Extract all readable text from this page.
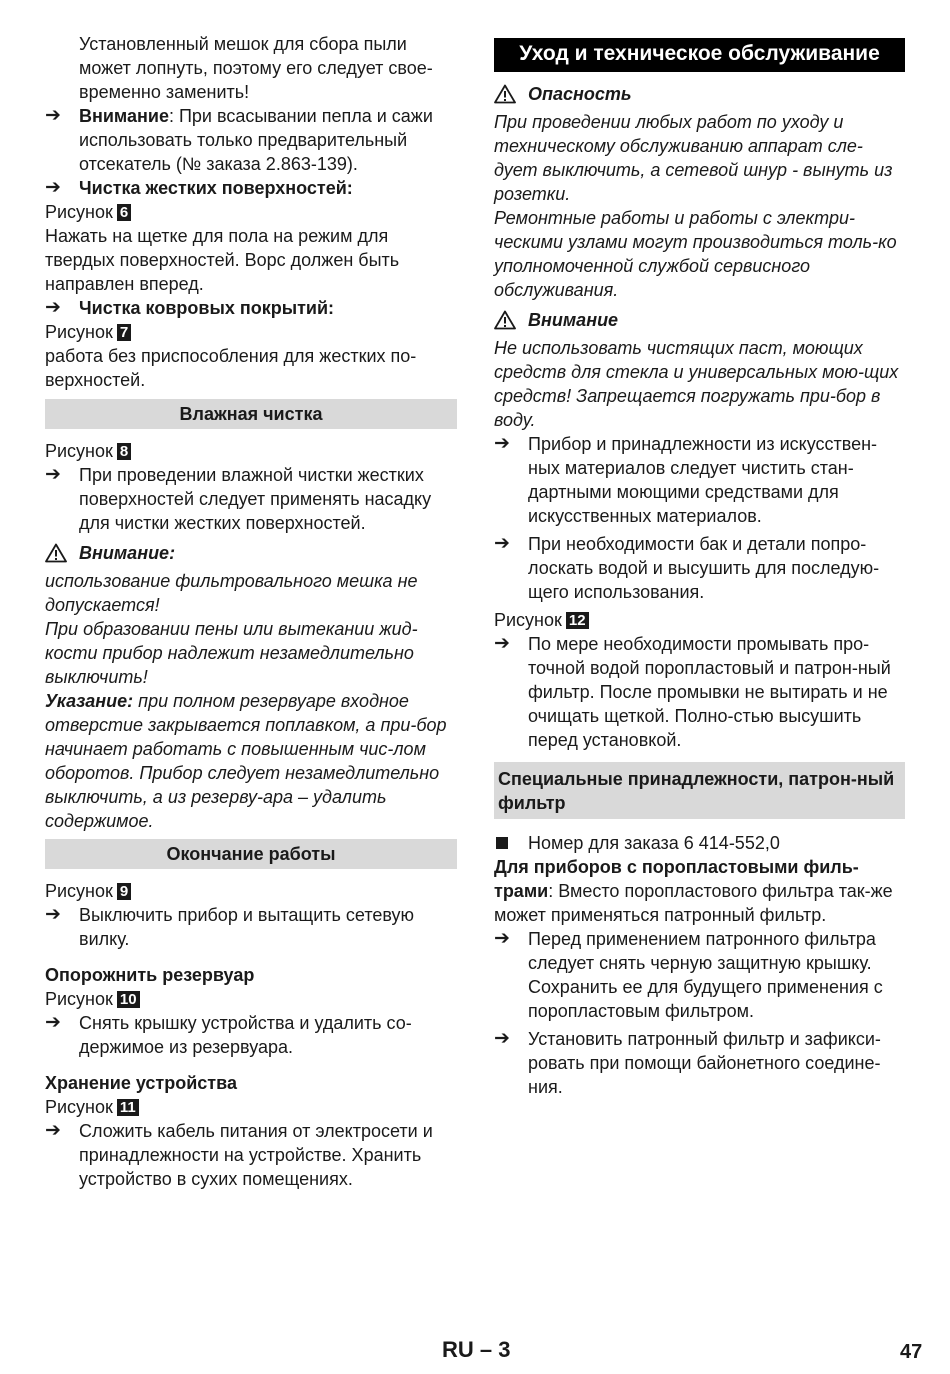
Установленный мешок для сбора пыли

может лопнуть, поэтому его следует свое-

временно заменить!

➔	Внимание: При всасывании пепла и сажи использовать только предварительный отсекатель (№ заказа 2.863-139).
➔	Чистка жестких поверхностей:

Рисунок 6

Нажать на щетке для пола на режим для твердых поверхностей. Ворс должен быть направлен вперед.

➔	Чистка ковровых покрытий:

Рисунок 7

работа без приспособления для жестких по-верхностей.

Влажная чистка

Рисунок 8

➔	При проведении влажной чистки жестких поверхностей следует применять насадку для чистки жестких поверхностей.
Внимание:

использование фильтровального мешка не допускается!

При образовании пены или вытекании жид-кости прибор надлежит незамедлительно выключить!

Указание: при полном резервуаре входное отверстие закрывается поплавком, а при-бор начинает работать с повышенным чис-лом оборотов. Прибор следует незамедлительно выключить, а из резерву-ара – удалить содержимое.

Окончание работы

Рисунок 9

➔	Выключить прибор и вытащить сетевую вилку.

Опорожнить резервуар

Рисунок 10

➔	Снять крышку устройства и удалить со-держимое из резервуара.

Хранение устройства

Рисунок 11

➔	Сложить кабель питания от электросети и принадлежности на устройстве. Хранить устройство в сухих помещениях.
Уход и техническое обслуживание
Опасность

При проведении любых работ по уходу и техническому обслуживанию аппарат сле-дует выключить, а сетевой шнур - вынуть из розетки.

Ремонтные работы и работы с электри-ческими узлами могут производиться толь-ко уполномоченной службой сервисного обслуживания.

Внимание

Не использовать чистящих паст, моющих средств для стекла и универсальных мою-щих средств! Запрещается погружать при-бор в воду.

➔	Прибор и принадлежности из искусствен-ных материалов следует чистить стан-дартными моющими средствами для искусственных материалов.
➔	При необходимости бак и детали попро-лоскать водой и высушить для последую-щего использования.

Рисунок 12

➔	По мере необходимости промывать про-точной водой поропластовый и патрон-ный фильтр. После промывки не вытирать и не очищать щеткой. Полно-стью высушить перед установкой.
Специальные принадлежности, патрон-ный фильтр
Номер для заказа 6 414-552,0

Для приборов с поропластовыми филь-трами: Вместо поропластового фильтра так-же может применяться патронный фильтр.

➔	Перед применением патронного фильтра следует снять черную защитную крышку. Сохранить ее для будущего применения с поропластовым фильтром.
➔	Установить патронный фильтр и зафикси-ровать при помощи байонетного соедине-ния.
RU – 3	47
